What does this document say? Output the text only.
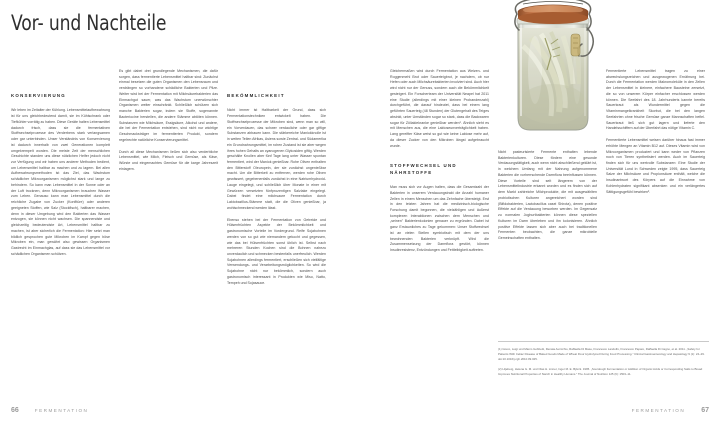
Vor- und Nachteile
KONSERVIERUNG

Wir leben im Zeitalter der Kühlung. Lebensmittelaufbewahrung ist für uns gleichbedeutend damit, sie im Kühlschrank oder Tiefkühler vorrätig zu haben. Diese Geräte halten Lebensmittel dadurch frisch, dass sie die fermentativen Stoffwechselprozesse des Verderbens stark verlangsamen oder gar unterbinden. Unser Verständnis von Konservierung ist dadurch innerhalb von zwei Generationen komplett umgekrempelt worden. Die meiste Zeit der menschlichen Geschichte standen uns diese nützlichen Helfer jedoch nicht zur Verfügung und wir haben uns anderer Methoden bedient, um Lebensmittel haltbar zu machen und zu lagern. Bei allen Aufbewahrungsmethoden ist das Ziel, das Wachstum schädlicher Mikroorganismen möglichst stark und lange zu behindern. So kann man Lebensmittel in der Sonne oder an der Luft trocknen, denn Mikroorganismen brauchen Wasser zum Leben. Genauso kann man Lebensmittel durch die reichliche Zugabe von Zucker (Konfitüre) oder anderen geeigneten Stoffen, wie Salz (Stockfisch), haltbarer machen, denn in dieser Umgebung wird den Bakterien das Wasser entzogen, sie können nicht wachsen. Die spannendste und gleichzeitig bedeutendste Art, Lebensmittel haltbar zu machen, ist aber sicherlich die Fermentation: Hier setzt man bildlich gesprochen gute Mikroben im Kampf gegen böse Mikroben ein, man gewährt also gewissen Organismen Gastrecht im Einmachglas, auf dass sie das Lebensmittel vor schädlichen Organismen schützen.

Es gibt dabei drei grundlegende Mechanismen, die dafür sorgen, dass fermentierte Lebensmittel haltbar sind: Zunächst einmal besetzen die guten Organismen den Lebensraum und verdrängen so vorhandene schädliche Bakterien und Pilze. Weiter wird bei der Fermentation mit Milchsäurebakterien das Einmachgut sauer, was das Wachstum unerwünschter Organismen weiter einschränkt. Schließlich schützen sich manche Bakterien sogar, indem sie Stoffe, sogenannte Bacteriocine herstellen, die andere Stämme abtöten können. Substanzen wie Milchsäure, Essigsäure, Alkohol und andere, die bei der Fermentation entstehen, sind nicht nur wichtige Geschmacksträger im fermentierten Produkt, sondern regelrechte natürliche Konservierungsmittel.

Durch all diese Mechanismen ließen sich also verderbliche Lebensmittel, wie Milch, Fleisch und Gemüse, als Käse, Würste und eingemachtes Gemüse für die karge Jahreszeit einlagern.

BEKÖMMLICHKEIT

Nicht immer ist Haltbarkeit der Grund, dass sich Fermentationstechniken entwickelt haben. Die Stoffwechselprozesse der Mikroben sind, wenn man so will, ein Vorverdauen, das schwer verdauliche oder gar giftige Substanzen abbauen kann. Die stärkereiche Maniokknolle ist in weiten Teilen Afrikas, Asiens sowie Zentral- und Südamerika ein Grundnahrungsmittel, im rohen Zustand ist sie aber wegen ihres hohen Gehalts an cyanogenen Glykosiden giftig. Werden geschälte Knollen aber fünf Tage lang unter Wasser spontan fermentiert, wird der Maniok genießbar. Rohe Oliven enthalten den Bitterstoff Oleuropein, der sie zunächst ungenießbar macht. Um die Bitterkeit zu entfernen, werden rohe Oliven gewässert, gegebenenfalls zunächst in eine Natriumhydroxid-Lauge eingelegt, und schließlich über Monate in einer mit Gewürzen versetzten fünfprozentigen Salzlake eingelegt. Dabei findet eine milchsaure Fermentation durch Laktobazillus-Stämme statt, die die Oliven genießbar, ja wohlschmeckend werden lässt.

Ebenso stehen bei der Fermentation von Getreide und Hülsenfrüchten Aspekte der Bekömmlichkeit und gastronomische Vorteile im Vordergrund. Reife Sojabohnen werden von so gut wie niemandem gekocht und gegessen, wie das bei Hülsenfrüchten sonst üblich ist. Selbst nach mehreren Stunden Kochen sind die Bohnen nahezu unverdaulich und schmecken bestenfalls unerfreulich. Werden Sojabohnen allerdings fermentiert, erschließen sich vielfältige Verwendungs- und Verarbeitungsmöglichkeiten. So wird die Sojabohne nicht nur bekömmlich, sondern auch gastronomisch interessant in Produkten wie Miso, Natto, Tempeh und Sojasauce.

Gleichermaßen wird durch Fermentation aus Weizen- und Roggenmehl Brot oder Sauerteigbrot, je nachdem, ob nur Hefen oder auch Milchsäurebakterien involviert sind. Auch hier wird nicht nur der Genuss, sondern auch die Bekömmlichkeit gesteigert. Ein Forscherteam der Universität Neapel hat 2011 eine Studie (allerdings mit einer kleinen Probandenzahl) durchgeführt, die darauf hindeutet, dass bei einem lang geführten Sauerteig (48 Stunden) der Glutengehalt des Teiges absinkt, unter Umständen sogar so stark, dass die Backwaren sogar für Zöliakiekranke genießbar werden¹. Ähnlich sieht es mit Menschen aus, die eine Laktoseunverträglichkeit haben. Lang gereifter Käse weist so gut wie keine Laktose mehr auf, da dieser Zucker von den Mikroben längst aufgebraucht wurde.

STOFFWECHSEL UND NÄHRSTOFFE

Man muss sich vor Augen halten, dass die Gesamtzahl der Bakterien in unserem Verdauungstrakt die Anzahl humaner Zellen in einem Menschen um das Zehnfache übersteigt. Erst in den letzten Jahren hat die medizinisch-biologische Forschung damit begonnen, die vielzähligen und äußerst komplexen Interaktionen zwischen dem Menschen und „seinen" Bakterienkolonien genauer zu ergründen. Dabei ist ganz Erstaunliches zu Tage gekommen: Unser Stoffwechsel ist an vielen Stellen symbiotisch mit dem der uns bewohnenden Bakterien verknüpft. Wird die Zusammensetzung der Darmflora gestört, können Insulinresistenz, Entzündungen und Fettleibigkeit auftreten.

Nicht pasteurisierte Fermente enthalten lebende Bakterienkulturen. Diese fördern eine gesunde Verdauungstätigkeit, auch wenn nicht abschließend geklärt ist, in welchem Umfang mit der Nahrung aufgenommene Bakterien die vorherrschende Darmflora beeinflussen können. Diese Vorteile sind seit längerem von der Lebensmittelindustrie erkannt worden und es finden sich auf dem Markt zahlreiche Milchprodukte, die mit ausgewählten probiotischen Kulturen angereichert worden sind (Bifidobakterien, Lactobacillus casei Shirota), denen positive Effekte auf die Verdauung beworben werden. Im Gegensatz zu normalen Joghurtbakterien können diese speziellen Kulturen im Darm überleben und ihn kolonisieren. Ähnlich positive Effekte lassen sich aber auch bei traditionellen Fermenten beobachten, die ganze mikrobielle Gemeinschaften enthalten.

Fermentierte Lebensmittel tragen zu einer abwechslungsreichen und ausgewogenen Ernährung bei. Durch die Fermentation werden Makromoleküle in den Zellen der Lebensmittel in kleinere, einfachere Bausteine zersetzt, die so von unserem Körper einfacher erschlossen werden können. Die Seefahrt des 18. Jahrhunderts kannte bereits Sauerkraut als Wundermittel gegen die Vitaminmangelkrankheit Skorbut, die bei den langen Seefahrten ohne frische Gemüse ganze Mannschaften befiel. Sauerkraut ließ sich gut lagern und lieferte den Handelsschiffern auf der Überfahrt das nötige Vitamin C.

Fermentierte Lebensmittel weisen darüber hinaus fast immer erhöhte Mengen an Vitamin B12 auf. Dieses Vitamin wird von Mikroorganismen produziert und kann weder von Pflanzen noch von Tieren synthetisiert werden. Auch im Sauerteig finden sich für uns wertvolle Substanzen: Eine Studie der Universität Lund in Schweden zeigte 1995, dass Sauerteig Salze der Milchsäure und Propionsäure enthält, welche die Insulinantwort des Körpers auf die Einnahme von Kohlenhydraten signifikant absenken und ein verlängertes Sättigungsgefühl bewirken².

(1) Greco, Luigi und Marco Gobbetti, Renata Auricchio, Raffaella Di Mase, Francesco Landolfo, Francesco Paparo, Raffaella Di Cagno, et al. 2011. „Safety for Patients With Celiac Disease of Baked Goods Made of Wheat Flour Hydrolyzed During Food Processing." Clinical Gastroenterology and Hepatology 9 (1): 24–29. doi:10.1016/j.cgh.2010.09.025.

(2) Liljeberg, Helena G. M. und Olas H. Linner, Inger M. E. Björck. 1995. „Sourdough Fermentation or Addition of Organic Acids or Corresponding Salts to Bread Improves Nutritional Properties of Starch in Healthy Humans." The Journal of Nutrition 125 (6): 1503–11.

66	FERMENTATION	FERMENTATION 67
